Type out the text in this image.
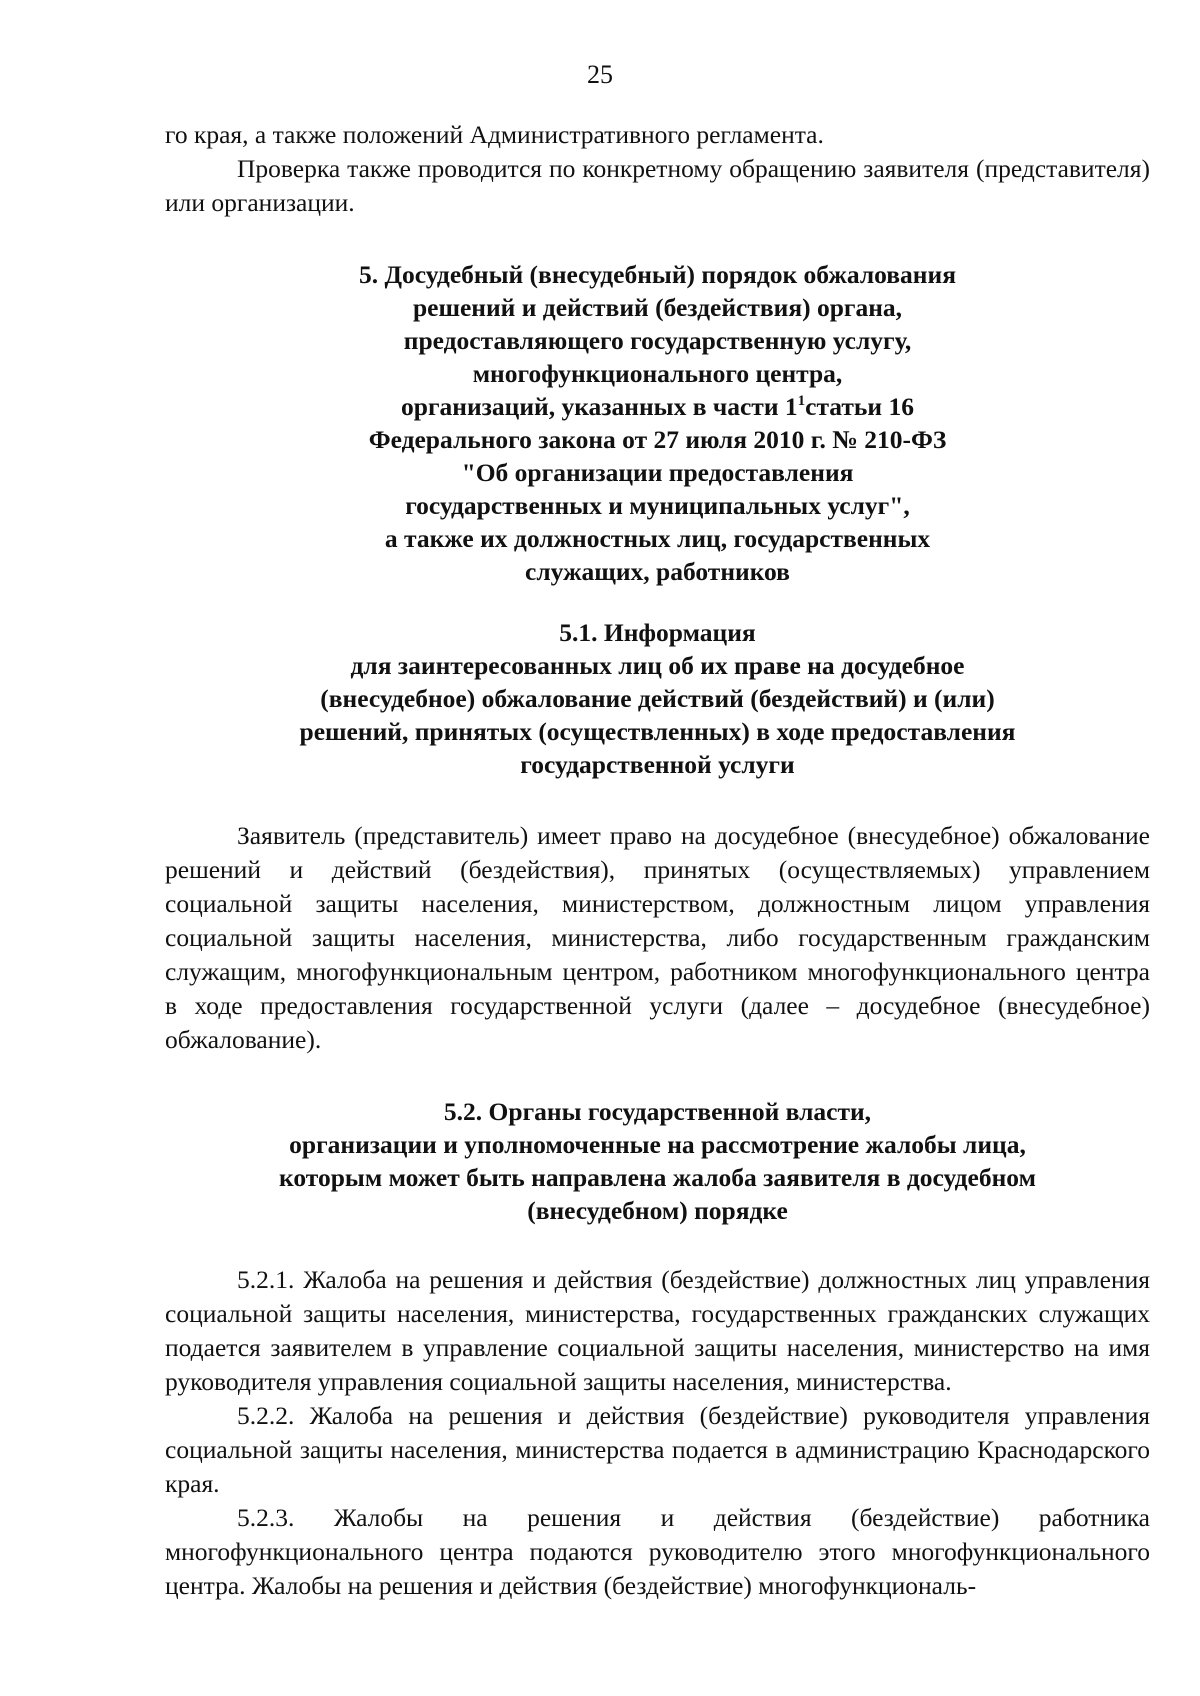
25

го края, а также положений Административного регламента.

Проверка также проводится по конкретному обращению заявителя (представителя) или организации.

5. Досудебный (внесудебный) порядок обжалования
решений и действий (бездействия) органа,
предоставляющего государственную услугу,
многофункционального центра,
организаций, указанных в части $1^1статьи$ 16
Федерального закона от 27 июля 2010 г. № 210-ФЗ
"Об организации предоставления
государственных и муниципальных услуг",
а также их должностных лиц, государственных
служащих, работников
5.1. Информация
для заинтересованных лиц об их праве на досудебное
(внесудебное) обжалование действий (бездействий) и (или)
решений, принятых (осуществленных) в ходе предоставления
государственной услуги

Заявитель (представитель) имеет право на досудебное (внесудебное) обжалование решений и действий (бездействия), принятых (осуществляемых) управлением социальной защиты населения, министерством, должностным лицом управления социальной защиты населения, министерства, либо государственным гражданским служащим, многофункциональным центром, работником многофункционального центра в ходе предоставления государственной услуги (далее – досудебное (внесудебное) обжалование).

5.2. Органы государственной власти,
организации и уполномоченные на рассмотрение жалобы лица,
которым может быть направлена жалоба заявителя в досудебном
(внесудебном) порядке

5.2.1. Жалоба на решения и действия (бездействие) должностных лиц управления социальной защиты населения, министерства, государственных гражданских служащих подается заявителем в управление социальной защиты населения, министерство на имя руководителя управления социальной защиты населения, министерства.

5.2.2. Жалоба на решения и действия (бездействие) руководителя управления социальной защиты населения, министерства подается в администрацию Краснодарского края.

5.2.3. Жалобы на решения и действия (бездействие) работника многофункционального центра подаются руководителю этого многофункционального центра. Жалобы на решения и действия (бездействие) многофункциональ-
